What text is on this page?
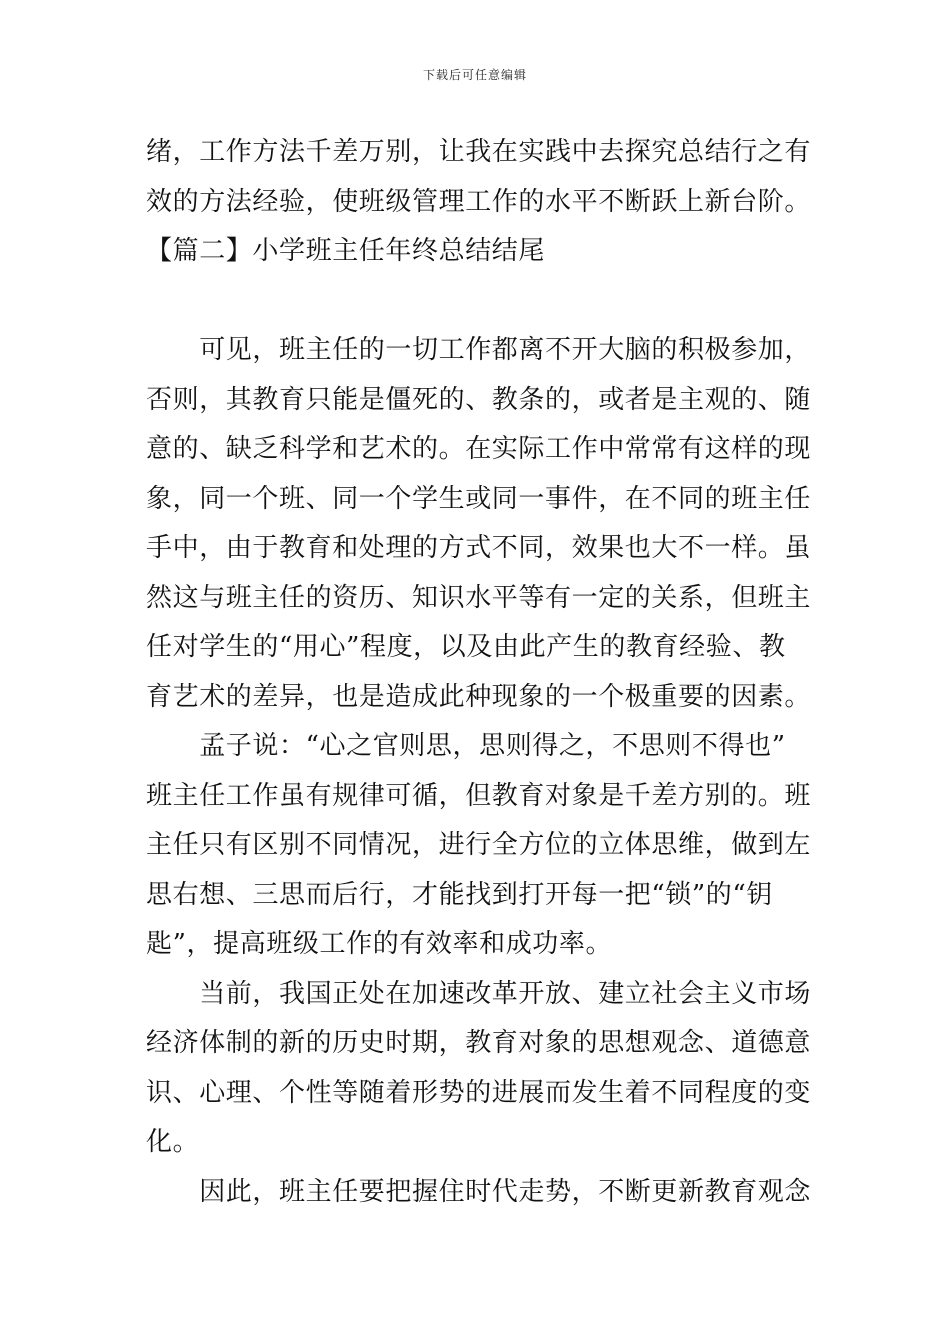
下载后可任意编辑
绪，工作方法千差万别，让我在实践中去探究总结行之有
效的方法经验，使班级管理工作的水平不断跃上新台阶。
【篇二】小学班主任年终总结结尾
　　可见，班主任的一切工作都离不开大脑的积极参加，
否则，其教育只能是僵死的、教条的，或者是主观的、随
意的、缺乏科学和艺术的。在实际工作中常常有这样的现
象，同一个班、同一个学生或同一事件，在不同的班主任
手中，由于教育和处理的方式不同，效果也大不一样。虽
然这与班主任的资历、知识水平等有一定的关系，但班主
任对学生的“用心”程度，以及由此产生的教育经验、教
育艺术的差异，也是造成此种现象的一个极重要的因素。
　　孟子说：“心之官则思，思则得之，不思则不得也”
班主任工作虽有规律可循，但教育对象是千差方别的。班
主任只有区别不同情况，进行全方位的立体思维，做到左
思右想、三思而后行，才能找到打开每一把“锁”的“钥
匙”，提高班级工作的有效率和成功率。
　　当前，我国正处在加速改革开放、建立社会主义市场
经济体制的新的历史时期，教育对象的思想观念、道德意
识、心理、个性等随着形势的进展而发生着不同程度的变
化。
　　因此，班主任要把握住时代走势，不断更新教育观念
